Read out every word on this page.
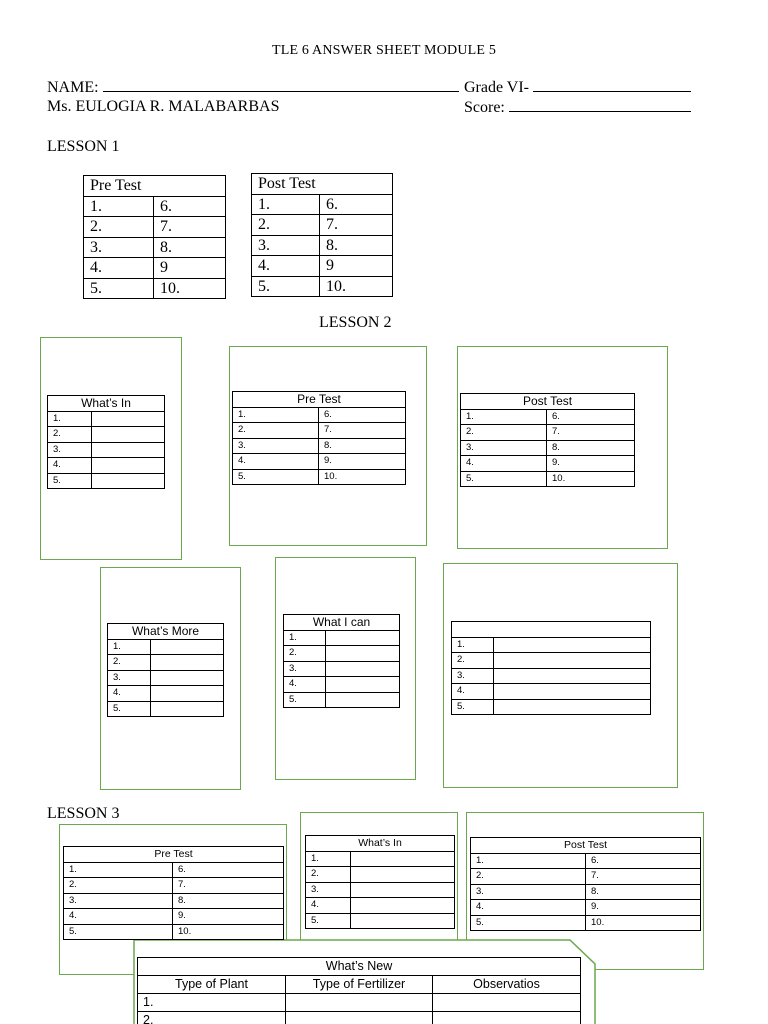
TLE 6 ANSWER SHEET MODULE 5
NAME:	Grade VI-
Ms. EULOGIA R. MALABARBAS	Score:
LESSON 1
Pre Test	
1.	6.
2.	7.
3.	8.
4.	9
5.	10.
Post Test	
1.	6.
2.	7.
3.	8.
4.	9
5.	10.
LESSON 2
What’s In	
1.	
2.	
3.	
4.	
5.	
Pre Test	
1.	6.
2.	7.
3.	8.
4.	9.
5.	10.
Post Test	
1.	6.
2.	7.
3.	8.
4.	9.
5.	10.
What’s More	
1.	
2.	
3.	
4.	
5.	
What I can	
1.	
2.	
3.	
4.	
5.	

1.	
2.	
3.	
4.	
5.	
LESSON 3
Pre Test	
1.	6.
2.	7.
3.	8.
4.	9.
5.	10.
What’s In	
1.	
2.	
3.	
4.	
5.	
Post Test	
1.	6.
2.	7.
3.	8.
4.	9.
5.	10.
What’s New		
Type of Plant	Type of Fertilizer	Observatios
1.		
2.		
